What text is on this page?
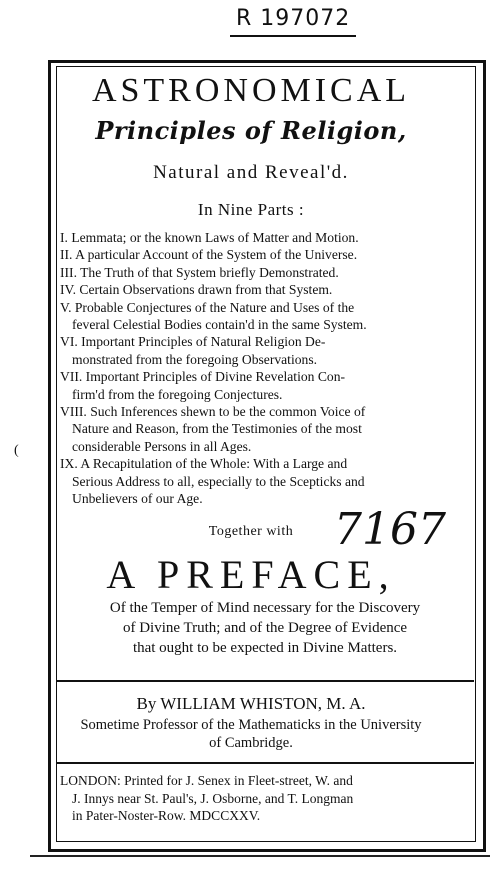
R 197072
(
ASTRONOMICAL
Principles of Religion,
Natural and Reveal'd.
In Nine Parts :
I. Lemmata; or the known Laws of Matter and Motion.
II. A particular Account of the System of the Universe.
III. The Truth of that System briefly Demonstrated.
IV. Certain Observations drawn from that System.
V. Probable Conjectures of the Nature and Uses of the
feveral Celestial Bodies contain'd in the same System.
VI. Important Principles of Natural Religion De-
monstrated from the foregoing Observations.
VII. Important Principles of Divine Revelation Con-
firm'd from the foregoing Conjectures.
VIII. Such Inferences shewn to be the common Voice of
Nature and Reason, from the Testimonies of the most
considerable Persons in all Ages.
IX. A Recapitulation of the Whole: With a Large and
Serious Address to all, especially to the Scepticks and
Unbelievers of our Age.
Together with 7167
A PREFACE,
Of the Temper of Mind necessary for the Discovery
of Divine Truth; and of the Degree of Evidence
that ought to be expected in Divine Matters.
By WILLIAM WHISTON, M. A.
Sometime Professor of the Mathematicks in the University
of Cambridge.
LONDON: Printed for J. Senex in Fleet-street, W. and
J. Innys near St. Paul's, J. Osborne, and T. Longman
in Pater-Noster-Row. MDCCXXV.
